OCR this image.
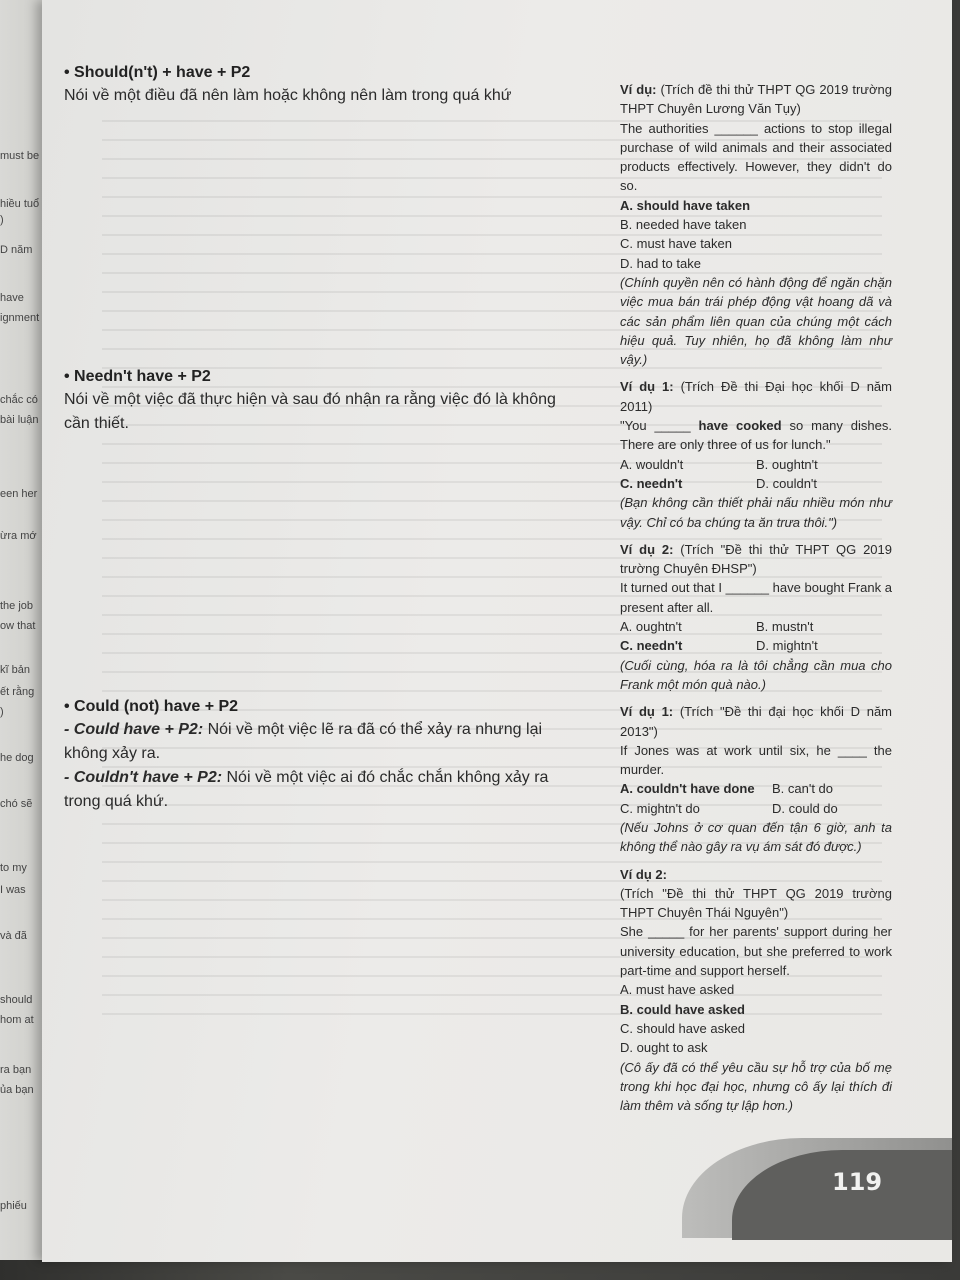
must be
hiều tuổ
)
D năm
have
ignment
chắc có
bài luận
een her
ừra mớ
the job
ow that
kĩ bản
ết rằng
)
he dog
chó sẽ
to my
I was
và đã
should
hom at
ra bạn
ủa bạn
phiếu
• Should(n't) + have + P2
Nói về một điều đã nên làm hoặc không nên làm trong quá khứ
• Needn't have + P2
Nói về một việc đã thực hiện và sau đó nhận ra rằng việc đó là không cần thiết.
• Could (not) have + P2
- Could have + P2: Nói về một việc lẽ ra đã có thể xảy ra nhưng lại không xảy ra.
- Couldn't have + P2: Nói về một việc ai đó chắc chắn không xảy ra trong quá khứ.
Ví dụ: (Trích đề thi thử THPT QG 2019 trường THPT Chuyên Lương Văn Tụy)
The authorities ______ actions to stop illegal purchase of wild animals and their associated products effectively. However, they didn't do so.
A. should have taken
B. needed have taken
C. must have taken
D. had to take
(Chính quyền nên có hành động để ngăn chặn việc mua bán trái phép động vật hoang dã và các sản phẩm liên quan của chúng một cách hiệu quả. Tuy nhiên, họ đã không làm như vậy.)
Ví dụ 1: (Trích Đề thi Đại học khối D năm 2011)
"You _____ have cooked so many dishes. There are only three of us for lunch."
A. wouldn't	B. oughtn't
C. needn't	D. couldn't
(Bạn không cần thiết phải nấu nhiều món như vậy. Chỉ có ba chúng ta ăn trưa thôi.")
Ví dụ 2: (Trích "Đề thi thử THPT QG 2019 trường Chuyên ĐHSP")
It turned out that I ______ have bought Frank a present after all.
A. oughtn't	B. mustn't
C. needn't	D. mightn't
(Cuối cùng, hóa ra là tôi chẳng cần mua cho Frank một món quà nào.)
Ví dụ 1: (Trích "Đề thi đại học khối D năm 2013")
If Jones was at work until six, he ____ the murder.
A. couldn't have done	B. can't do
C. mightn't do	D. could do
(Nếu Johns ở cơ quan đến tận 6 giờ, anh ta không thể nào gây ra vụ ám sát đó được.)
Ví dụ 2:
(Trích "Đề thi thử THPT QG 2019 trường THPT Chuyên Thái Nguyên")
She _____ for her parents' support during her university education, but she preferred to work part-time and support herself.
A. must have asked
B. could have asked
C. should have asked
D. ought to ask
(Cô ấy đã có thể yêu cầu sự hỗ trợ của bố mẹ trong khi học đại học, nhưng cô ấy lại thích đi làm thêm và sống tự lập hơn.)
119
